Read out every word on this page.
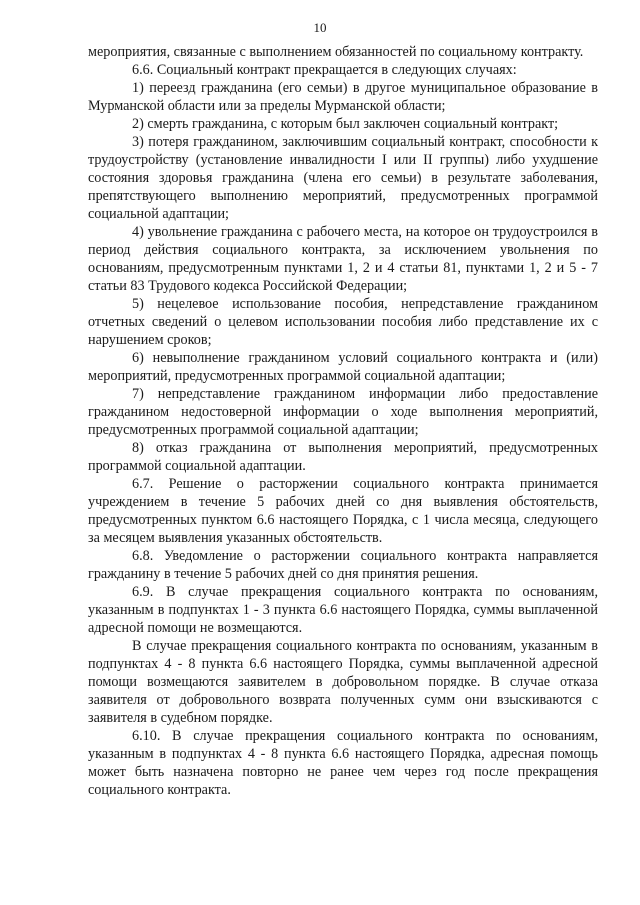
10

мероприятия, связанные с выполнением обязанностей по социальному контракту.

6.6. Социальный контракт прекращается в следующих случаях:

1) переезд гражданина (его семьи) в другое муниципальное образование в Мурманской области или за пределы Мурманской области;

2) смерть гражданина, с которым был заключен социальный контракт;

3) потеря гражданином, заключившим социальный контракт, способности к трудоустройству (установление инвалидности I или II группы) либо ухудшение состояния здоровья гражданина (члена его семьи) в результате заболевания, препятствующего выполнению мероприятий, предусмотренных программой социальной адаптации;

4) увольнение гражданина с рабочего места, на которое он трудоустроился в период действия социального контракта, за исключением увольнения по основаниям, предусмотренным пунктами 1, 2 и 4 статьи 81, пунктами 1, 2 и 5 - 7 статьи 83 Трудового кодекса Российской Федерации;

5) нецелевое использование пособия, непредставление гражданином отчетных сведений о целевом использовании пособия либо представление их с нарушением сроков;

6) невыполнение гражданином условий социального контракта и (или) мероприятий, предусмотренных программой социальной адаптации;

7) непредставление гражданином информации либо предоставление гражданином недостоверной информации о ходе выполнения мероприятий, предусмотренных программой социальной адаптации;

8) отказ гражданина от выполнения мероприятий, предусмотренных программой социальной адаптации.

6.7. Решение о расторжении социального контракта принимается учреждением в течение 5 рабочих дней со дня выявления обстоятельств, предусмотренных пунктом 6.6 настоящего Порядка, с 1 числа месяца, следующего за месяцем выявления указанных обстоятельств.

6.8. Уведомление о расторжении социального контракта направляется гражданину в течение 5 рабочих дней со дня принятия решения.

6.9. В случае прекращения социального контракта по основаниям, указанным в подпунктах 1 - 3 пункта 6.6 настоящего Порядка, суммы выплаченной адресной помощи не возмещаются.

В случае прекращения социального контракта по основаниям, указанным в подпунктах 4 - 8 пункта 6.6 настоящего Порядка, суммы выплаченной адресной помощи возмещаются заявителем в добровольном порядке. В случае отказа заявителя от добровольного возврата полученных сумм они взыскиваются с заявителя в судебном порядке.

6.10. В случае прекращения социального контракта по основаниям, указанным в подпунктах 4 - 8 пункта 6.6 настоящего Порядка, адресная помощь может быть назначена повторно не ранее чем через год после прекращения социального контракта.
